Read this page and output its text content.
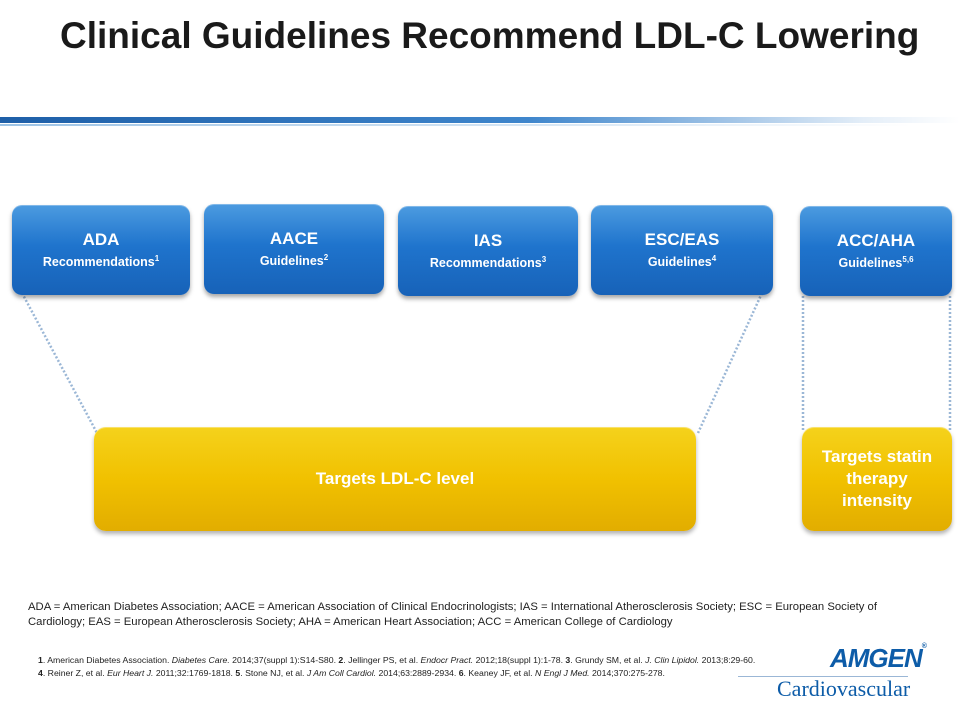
Clinical Guidelines Recommend LDL-C Lowering
ADA
Recommendations$^1$
AACE
Guidelines$^2$
IAS
Recommendations$^3$
ESC/EAS
Guidelines$^4$
ACC/AHA
Guidelines$^{5,6}$
Targets LDL-C level
Targets statin therapy intensity
ADA = American Diabetes Association; AACE = American Association of Clinical Endocrinologists; IAS = International Atherosclerosis Society; ESC = European Society of Cardiology; EAS = European Atherosclerosis Society; AHA = American Heart Association; ACC = American College of Cardiology
1. American Diabetes Association. Diabetes Care. 2014;37(suppl 1):S14-S80. 2. Jellinger PS, et al. Endocr Pract. 2012;18(suppl 1):1-78. 3. Grundy SM, et al. J. Clin Lipidol. 2013;8:29-60. 4. Reiner Z, et al. Eur Heart J. 2011;32:1769-1818. 5. Stone NJ, et al. J Am Coll Cardiol. 2014;63:2889-2934. 6. Keaney JF, et al. N Engl J Med. 2014;370:275-278.	AMGEN®
Cardiovascular
